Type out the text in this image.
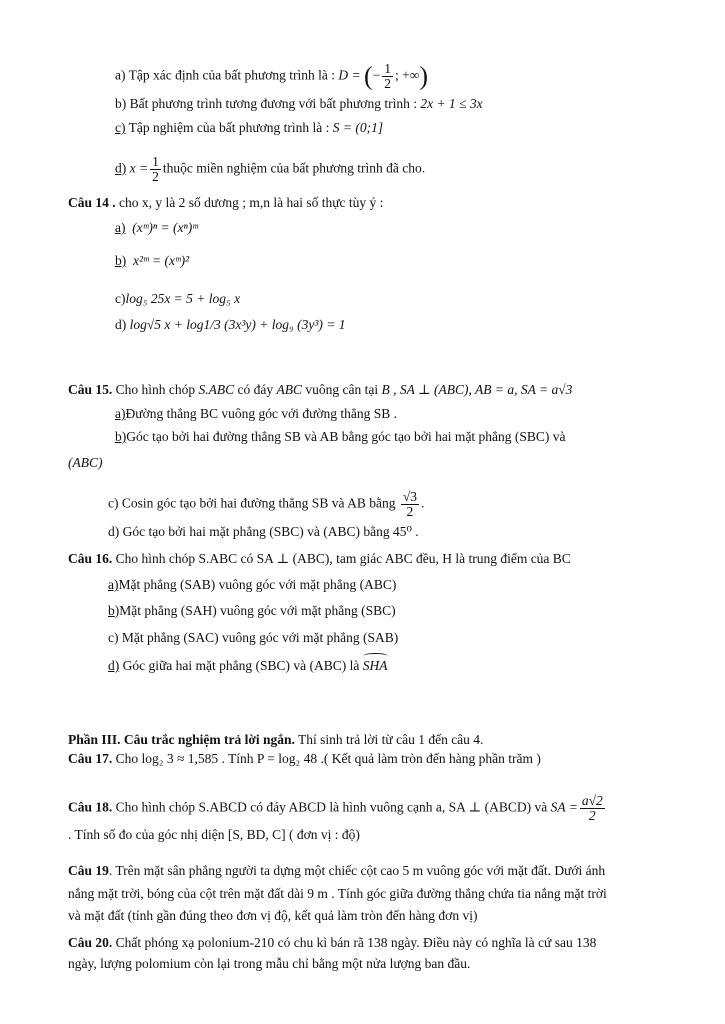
a) Tập xác định của bất phương trình là : D = (− $\frac{1}{2}$ ; +∞)
b) Bất phương trình tương đương với bất phương trình : 2x + 1 ≤ 3x
c) Tập nghiệm của bất phương trình là : S = (0;1]
d) $x = \frac{1}{2}$ thuộc miền nghiệm của bất phương trình đã cho.
Câu 14 . cho x, y là 2 số dương ; m,n là hai số thực tùy ý :
a) (xᵐ)ⁿ = (xⁿ)ᵐ
b) x²ᵐ = (xᵐ)²
c)log₅ 25x = 5 + log₅ x
d) log√5 x + log1/3 (3x³y) + log₉ (3y³) = 1
Câu 15. Cho hình chóp S.ABC có đáy ABC vuông cân tại B , SA ⊥ (ABC), AB = a, SA = a√3
a)Đường thẳng BC vuông góc với đường thẳng SB .
b)Góc tạo bởi hai đường thẳng SB và AB bằng góc tạo bởi hai mặt phẳng (SBC) và
(ABC)
c) Cosin góc tạo bởi hai đường thẳng SB và AB bằng $\frac{√3}{2}$ .
d) Góc tạo bởi hai mặt phẳng (SBC) và (ABC) bằng 45⁰ .
Câu 16. Cho hình chóp S.ABC có SA ⊥ (ABC), tam giác ABC đều, H là trung điểm của BC
a)Mặt phẳng (SAB) vuông góc với mặt phẳng (ABC)
b)Mặt phẳng (SAH) vuông góc với mặt phẳng (SBC)
c) Mặt phẳng (SAC) vuông góc với mặt phẳng (SAB)
d) Góc giữa hai mặt phẳng (SBC) và (ABC) là SHA
Phần III. Câu trắc nghiệm trả lời ngắn. Thí sinh trả lời từ câu 1 đến câu 4.
Câu 17. Cho log₂ 3 ≈ 1,585 . Tính P = log₂ 48 .( Kết quả làm tròn đến hàng phần trăm )
Câu 18. Cho hình chóp S.ABCD có đáy ABCD là hình vuông cạnh a, SA ⊥ (ABCD) và SA = $\frac{a√2}{2}$
. Tính số đo của góc nhị diện [S, BD, C] ( đơn vị : độ)
Câu 19. Trên mặt sân phẳng người ta dựng một chiếc cột cao 5 m vuông góc với mặt đất. Dưới ánh
nắng mặt trời, bóng của cột trên mặt đất dài 9 m . Tính góc giữa đường thẳng chứa tia nắng mặt trời
và mặt đất (tính gần đúng theo đơn vị độ, kết quả làm tròn đến hàng đơn vị)
Câu 20. Chất phóng xạ polonium-210 có chu kì bán rã 138 ngày. Điều này có nghĩa là cứ sau 138
ngày, lượng polomium còn lại trong mẫu chỉ bằng một nửa lượng ban đầu.
